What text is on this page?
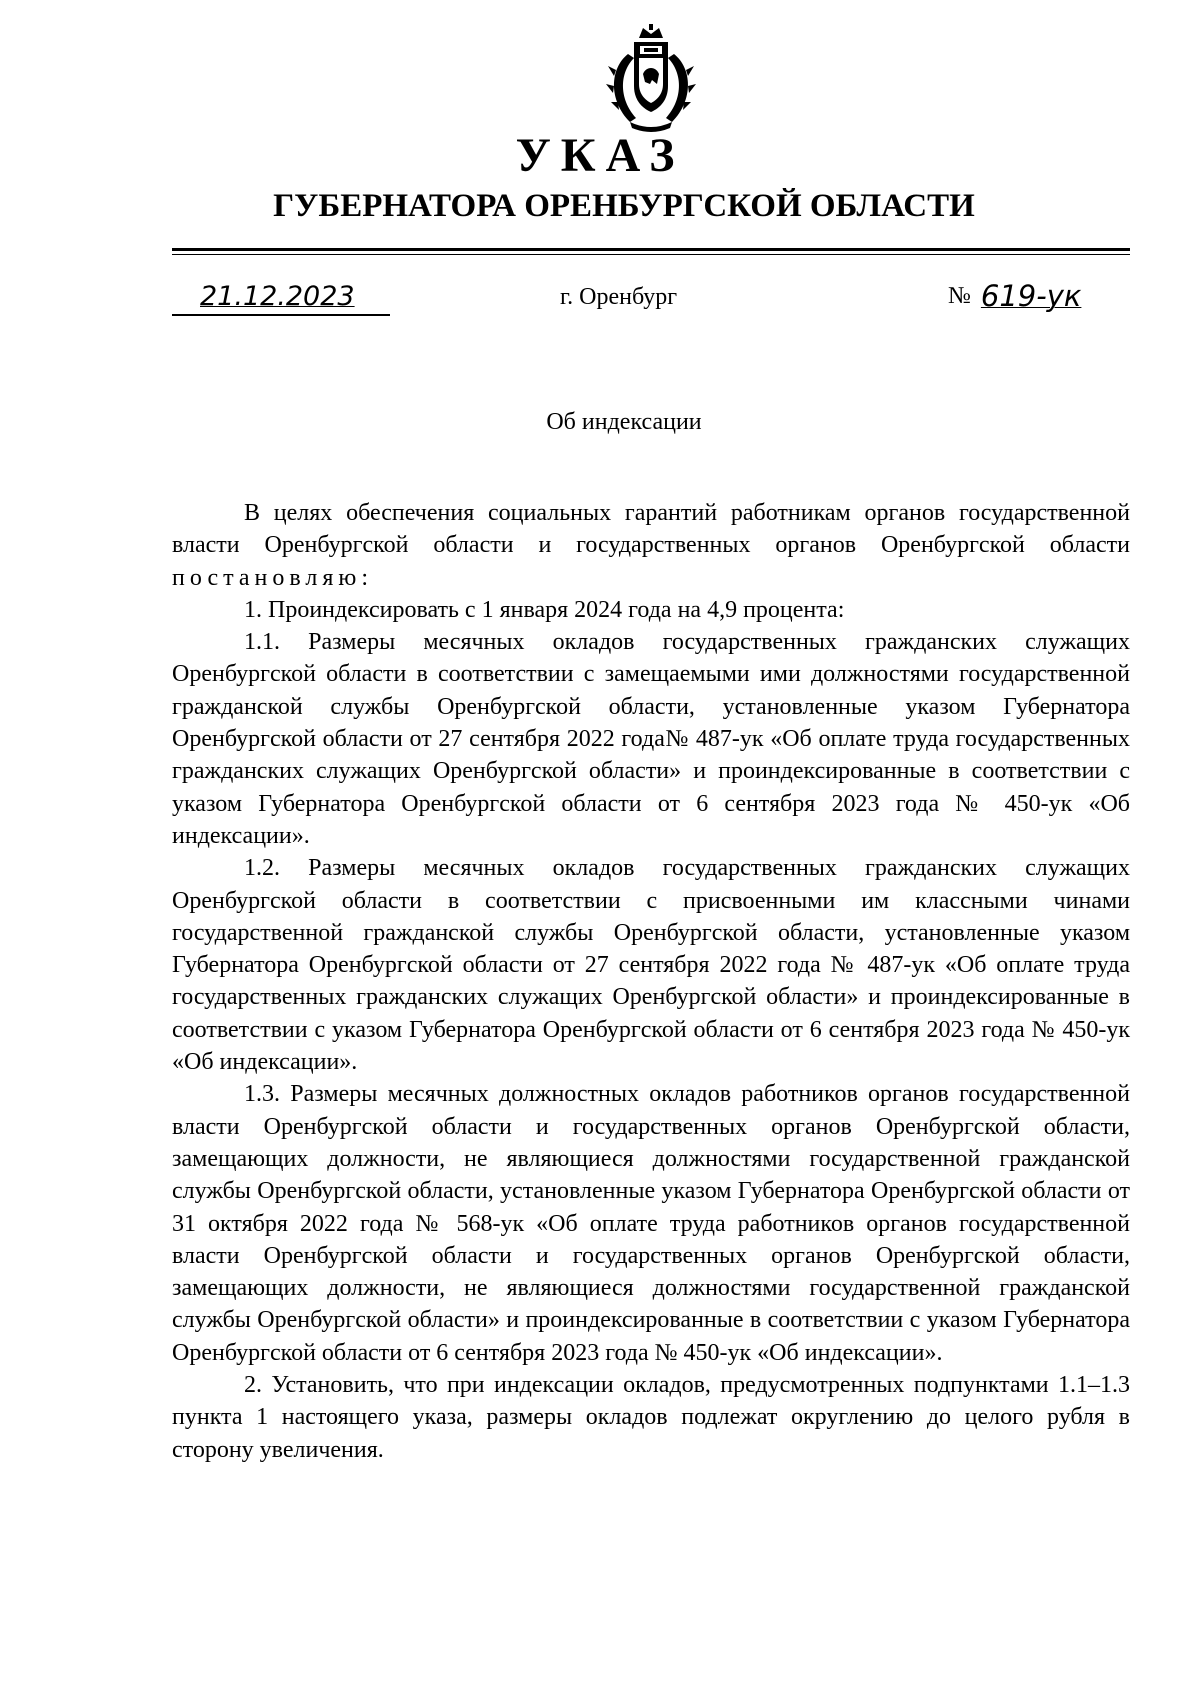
УКАЗ
ГУБЕРНАТОРА ОРЕНБУРГСКОЙ ОБЛАСТИ
21.12.2023	г. Оренбург	№ 619-ук
Об индексации

В целях обеспечения социальных гарантий работникам органов государственной власти Оренбургской области и государственных органов Оренбургской области постановляю:

1. Проиндексировать с 1 января 2024 года на 4,9 процента:

1.1. Размеры месячных окладов государственных гражданских служащих Оренбургской области в соответствии с замещаемыми ими должностями государственной гражданской службы Оренбургской области, установленные указом Губернатора Оренбургской области от 27 сентября 2022 года№ 487-ук «Об оплате труда государственных гражданских служащих Оренбургской области» и проиндексированные в соответствии с указом Губернатора Оренбургской области от 6 сентября 2023 года № 450-ук «Об индексации».

1.2. Размеры месячных окладов государственных гражданских служащих Оренбургской области в соответствии с присвоенными им классными чинами государственной гражданской службы Оренбургской области, установленные указом Губернатора Оренбургской области от 27 сентября 2022 года № 487-ук «Об оплате труда государственных гражданских служащих Оренбургской области» и проиндексированные в соответствии с указом Губернатора Оренбургской области от 6 сентября 2023 года № 450-ук «Об индексации».

1.3. Размеры месячных должностных окладов работников органов государственной власти Оренбургской области и государственных органов Оренбургской области, замещающих должности, не являющиеся должностями государственной гражданской службы Оренбургской области, установленные указом Губернатора Оренбургской области от 31 октября 2022 года № 568-ук «Об оплате труда работников органов государственной власти Оренбургской области и государственных органов Оренбургской области, замещающих должности, не являющиеся должностями государственной гражданской службы Оренбургской области» и проиндексированные в соответствии с указом Губернатора Оренбургской области от 6 сентября 2023 года № 450-ук «Об индексации».

2. Установить, что при индексации окладов, предусмотренных подпунктами 1.1–1.3 пункта 1 настоящего указа, размеры окладов подлежат округлению до целого рубля в сторону увеличения.
